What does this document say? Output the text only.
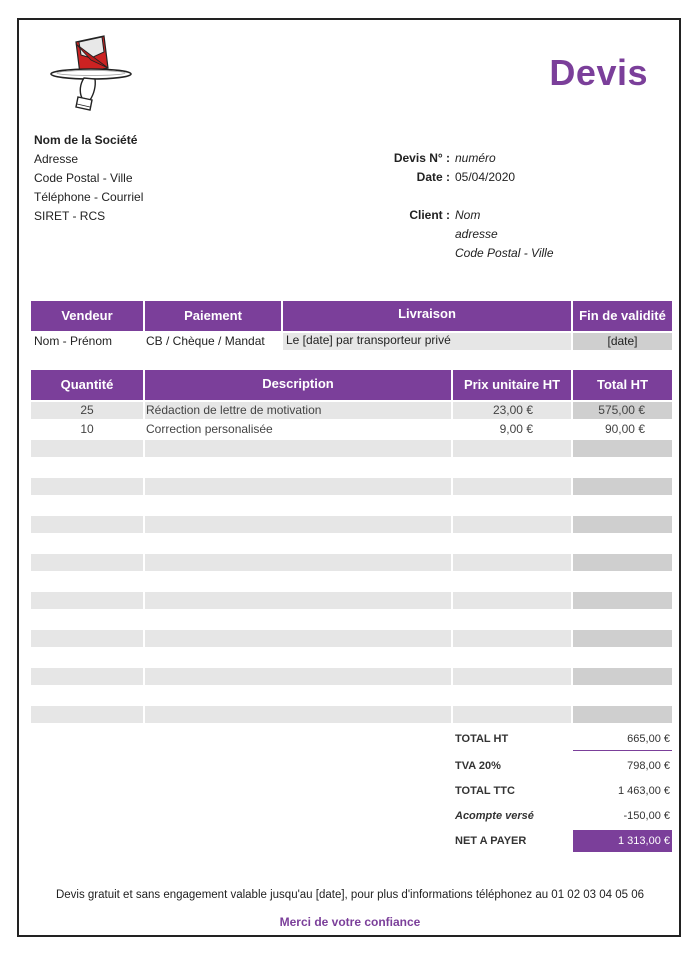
Devis
Nom de la Société
Adresse
Code Postal - Ville
Téléphone - Courriel
SIRET - RCS
Devis N° : numéro
Date : 05/04/2020
Client : Nom
adresse
Code Postal - Ville
Vendeur	Paiement	Livraison	Fin de validité
Nom - Prénom	CB / Chèque / Mandat	Le [date] par transporteur privé	[date]
Quantité	Description	Prix unitaire HT	Total HT
25	Rédaction de lettre de motivation	23,00 €	575,00 €
10	Correction personalisée	9,00 €	90,00 €
TOTAL HT	665,00 €
TVA 20%	798,00 €
TOTAL TTC	1 463,00 €
Acompte versé	-150,00 €
NET A PAYER	1 313,00 €
Devis gratuit et sans engagement valable jusqu'au [date], pour plus d'informations téléphonez au 01 02 03 04 05 06
Merci de votre confiance
